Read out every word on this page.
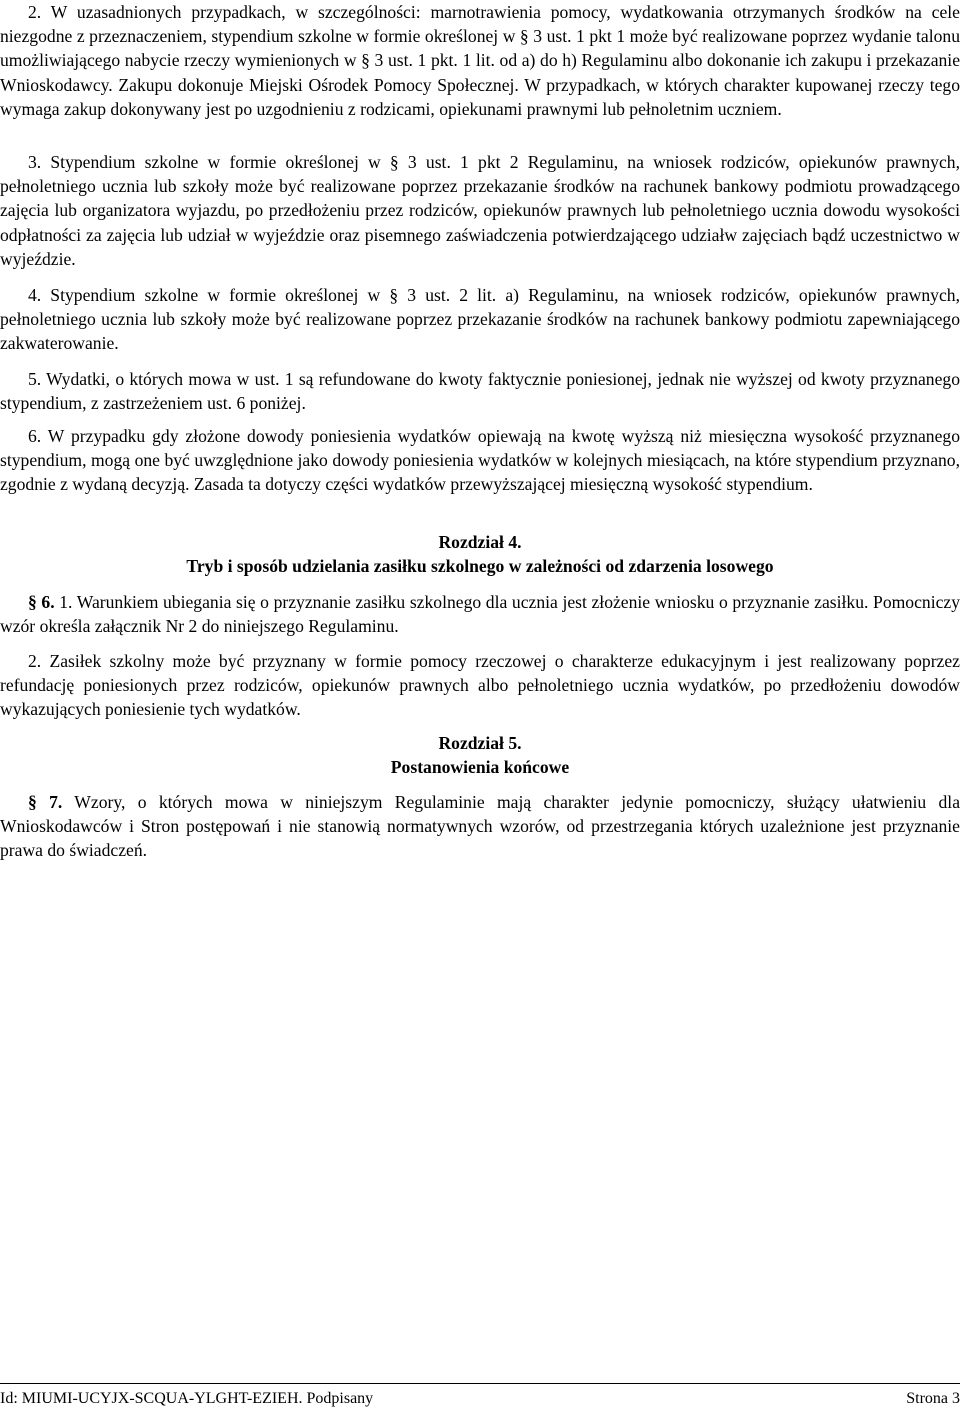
2. W uzasadnionych przypadkach, w szczególności: marnotrawienia pomocy, wydatkowania otrzymanych środków na cele niezgodne z przeznaczeniem, stypendium szkolne w formie określonej w § 3 ust. 1 pkt 1 może być realizowane poprzez wydanie talonu umożliwiającego nabycie rzeczy wymienionych w § 3 ust. 1 pkt. 1 lit. od a) do h) Regulaminu albo dokonanie ich zakupu i przekazanie Wnioskodawcy. Zakupu dokonuje Miejski Ośrodek Pomocy Społecznej. W przypadkach, w których charakter kupowanej rzeczy tego wymaga zakup dokonywany jest po uzgodnieniu z rodzicami, opiekunami prawnymi lub pełnoletnim uczniem.

3. Stypendium szkolne w formie określonej w § 3 ust. 1 pkt 2 Regulaminu, na wniosek rodziców, opiekunów prawnych, pełnoletniego ucznia lub szkoły może być realizowane poprzez przekazanie środków na rachunek bankowy podmiotu prowadzącego zajęcia lub organizatora wyjazdu, po przedłożeniu przez rodziców, opiekunów prawnych lub pełnoletniego ucznia dowodu wysokości odpłatności za zajęcia lub udział w wyjeździe oraz pisemnego zaświadczenia potwierdzającego udziałw zajęciach bądź uczestnictwo w wyjeździe.

4. Stypendium szkolne w formie określonej w § 3 ust. 2 lit. a) Regulaminu, na wniosek rodziców, opiekunów prawnych, pełnoletniego ucznia lub szkoły może być realizowane poprzez przekazanie środków na rachunek bankowy podmiotu zapewniającego zakwaterowanie.

5. Wydatki, o których mowa w ust. 1 są refundowane do kwoty faktycznie poniesionej, jednak nie wyższej od kwoty przyznanego stypendium, z zastrzeżeniem ust. 6 poniżej.

6. W przypadku gdy złożone dowody poniesienia wydatków opiewają na kwotę wyższą niż miesięczna wysokość przyznanego stypendium, mogą one być uwzględnione jako dowody poniesienia wydatków w kolejnych miesiącach, na które stypendium przyznano, zgodnie z wydaną decyzją. Zasada ta dotyczy części wydatków przewyższającej miesięczną wysokość stypendium.

Rozdział 4.
Tryb i sposób udzielania zasiłku szkolnego w zależności od zdarzenia losowego

§ 6. 1. Warunkiem ubiegania się o przyznanie zasiłku szkolnego dla ucznia jest złożenie wniosku o przyznanie zasiłku. Pomocniczy wzór określa załącznik Nr 2 do niniejszego Regulaminu.

2. Zasiłek szkolny może być przyznany w formie pomocy rzeczowej o charakterze edukacyjnym i jest realizowany poprzez refundację poniesionych przez rodziców, opiekunów prawnych albo pełnoletniego ucznia wydatków, po przedłożeniu dowodów wykazujących poniesienie tych wydatków.

Rozdział 5.
Postanowienia końcowe

§ 7. Wzory, o których mowa w niniejszym Regulaminie mają charakter jedynie pomocniczy, służący ułatwieniu dla Wnioskodawców i Stron postępowań i nie stanowią normatywnych wzorów, od przestrzegania których uzależnione jest przyznanie prawa do świadczeń.

Id: MIUMI-UCYJX-SCQUA-YLGHT-EZIEH. Podpisany	Strona 3
